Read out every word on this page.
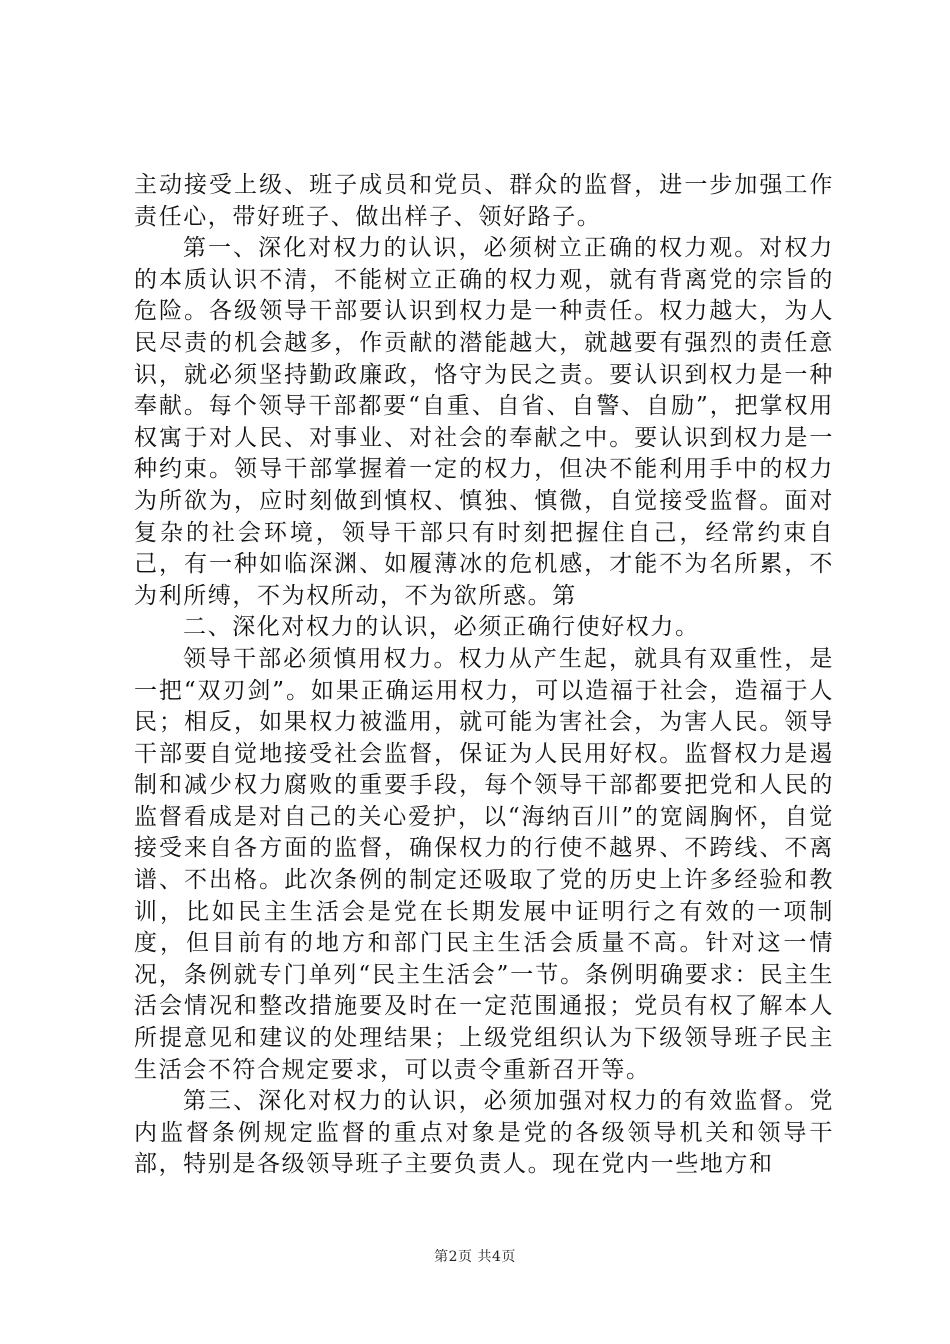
主动接受上级、班子成员和党员、群众的监督，进一步加强工作责任心，带好班子、做出样子、领好路子。

第一、深化对权力的认识，必须树立正确的权力观。对权力的本质认识不清，不能树立正确的权力观，就有背离党的宗旨的危险。各级领导干部要认识到权力是一种责任。权力越大，为人民尽责的机会越多，作贡献的潜能越大，就越要有强烈的责任意识，就必须坚持勤政廉政，恪守为民之责。要认识到权力是一种奉献。每个领导干部都要“自重、自省、自警、自励”，把掌权用权寓于对人民、对事业、对社会的奉献之中。要认识到权力是一种约束。领导干部掌握着一定的权力，但决不能利用手中的权力为所欲为，应时刻做到慎权、慎独、慎微，自觉接受监督。面对复杂的社会环境，领导干部只有时刻把握住自己，经常约束自己，有一种如临深渊、如履薄冰的危机感，才能不为名所累，不为利所缚，不为权所动，不为欲所惑。第

二、深化对权力的认识，必须正确行使好权力。

领导干部必须慎用权力。权力从产生起，就具有双重性，是一把“双刃剑”。如果正确运用权力，可以造福于社会，造福于人民；相反，如果权力被滥用，就可能为害社会，为害人民。领导干部要自觉地接受社会监督，保证为人民用好权。监督权力是遏制和减少权力腐败的重要手段，每个领导干部都要把党和人民的监督看成是对自己的关心爱护，以“海纳百川”的宽阔胸怀，自觉接受来自各方面的监督，确保权力的行使不越界、不跨线、不离谱、不出格。此次条例的制定还吸取了党的历史上许多经验和教训，比如民主生活会是党在长期发展中证明行之有效的一项制度，但目前有的地方和部门民主生活会质量不高。针对这一情况，条例就专门单列“民主生活会”一节。条例明确要求：民主生活会情况和整改措施要及时在一定范围通报；党员有权了解本人所提意见和建议的处理结果；上级党组织认为下级领导班子民主生活会不符合规定要求，可以责令重新召开等。

第三、深化对权力的认识，必须加强对权力的有效监督。党内监督条例规定监督的重点对象是党的各级领导机关和领导干部，特别是各级领导班子主要负责人。现在党内一些地方和

第2页 共4页
